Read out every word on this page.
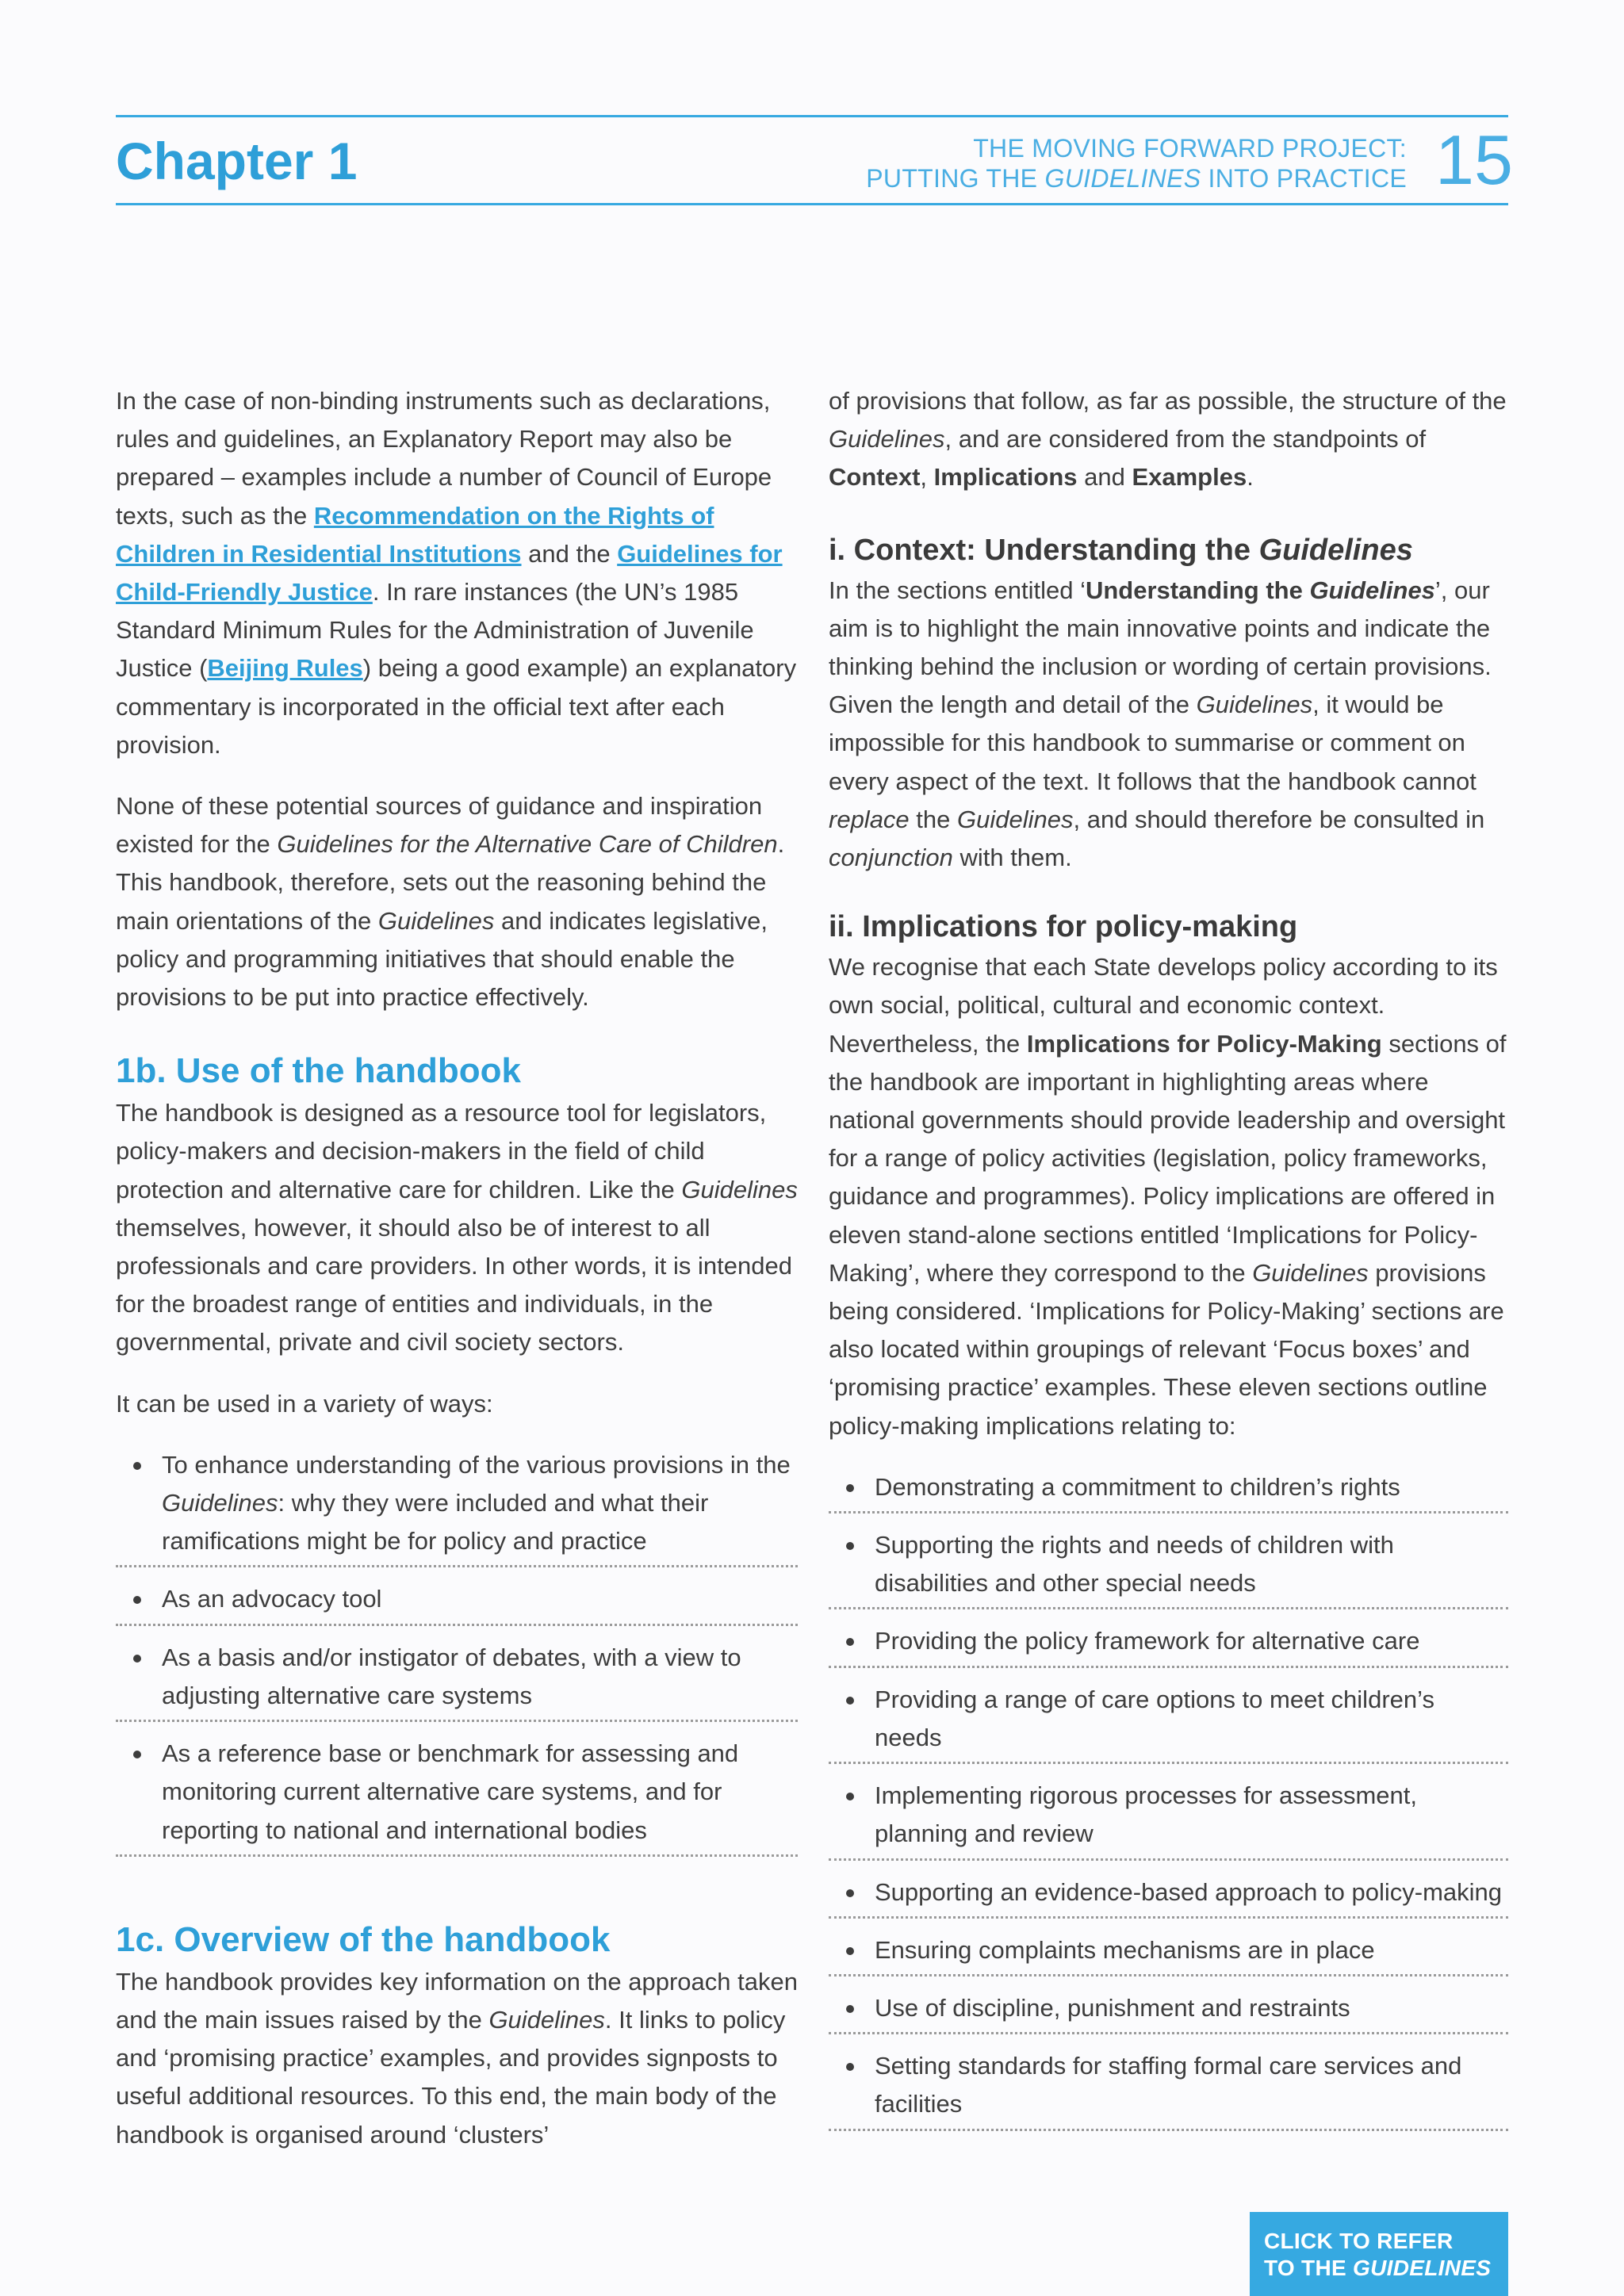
Chapter 1	THE MOVING FORWARD PROJECT:
PUTTING THE GUIDELINES INTO PRACTICE 15

In the case of non-binding instruments such as declarations, rules and guidelines, an Explanatory Report may also be prepared – examples include a number of Council of Europe texts, such as the Recommendation on the Rights of Children in Residential Institutions and the Guidelines for Child-Friendly Justice. In rare instances (the UN’s 1985 Standard Minimum Rules for the Administration of Juvenile Justice (Beijing Rules) being a good example) an explanatory commentary is incorporated in the official text after each provision.

None of these potential sources of guidance and inspiration existed for the Guidelines for the Alternative Care of Children. This handbook, therefore, sets out the reasoning behind the main orientations of the Guidelines and indicates legislative, policy and programming initiatives that should enable the provisions to be put into practice effectively.

1b. Use of the handbook

The handbook is designed as a resource tool for legislators, policy-makers and decision-makers in the field of child protection and alternative care for children. Like the Guidelines themselves, however, it should also be of interest to all professionals and care providers. In other words, it is intended for the broadest range of entities and individuals, in the governmental, private and civil society sectors.

It can be used in a variety of ways:

To enhance understanding of the various provisions in the Guidelines: why they were included and what their ramifications might be for policy and practice
As an advocacy tool
As a basis and/or instigator of debates, with a view to adjusting alternative care systems
As a reference base or benchmark for assessing and monitoring current alternative care systems, and for reporting to national and international bodies
1c. Overview of the handbook

The handbook provides key information on the approach taken and the main issues raised by the Guidelines. It links to policy and ‘promising practice’ examples, and provides signposts to useful additional resources. To this end, the main body of the handbook is organised around ‘clusters’

of provisions that follow, as far as possible, the structure of the Guidelines, and are considered from the standpoints of Context, Implications and Examples.

i. Context: Understanding the Guidelines

In the sections entitled ‘Understanding the Guidelines’, our aim is to highlight the main innovative points and indicate the thinking behind the inclusion or wording of certain provisions. Given the length and detail of the Guidelines, it would be impossible for this handbook to summarise or comment on every aspect of the text. It follows that the handbook cannot replace the Guidelines, and should therefore be consulted in conjunction with them.

ii. Implications for policy-making

We recognise that each State develops policy according to its own social, political, cultural and economic context. Nevertheless, the Implications for Policy-Making sections of the handbook are important in highlighting areas where national governments should provide leadership and oversight for a range of policy activities (legislation, policy frameworks, guidance and programmes). Policy implications are offered in eleven stand-alone sections entitled ‘Implications for Policy-Making’, where they correspond to the Guidelines provisions being considered. ‘Implications for Policy-Making’ sections are also located within groupings of relevant ‘Focus boxes’ and ‘promising practice’ examples. These eleven sections outline policy-making implications relating to:

Demonstrating a commitment to children’s rights
Supporting the rights and needs of children with disabilities and other special needs
Providing the policy framework for alternative care
Providing a range of care options to meet children’s needs
Implementing rigorous processes for assessment, planning and review
Supporting an evidence-based approach to policy-making
Ensuring complaints mechanisms are in place
Use of discipline, punishment and restraints
Setting standards for staffing formal care services and facilities
CLICK TO REFER
TO THE GUIDELINES
